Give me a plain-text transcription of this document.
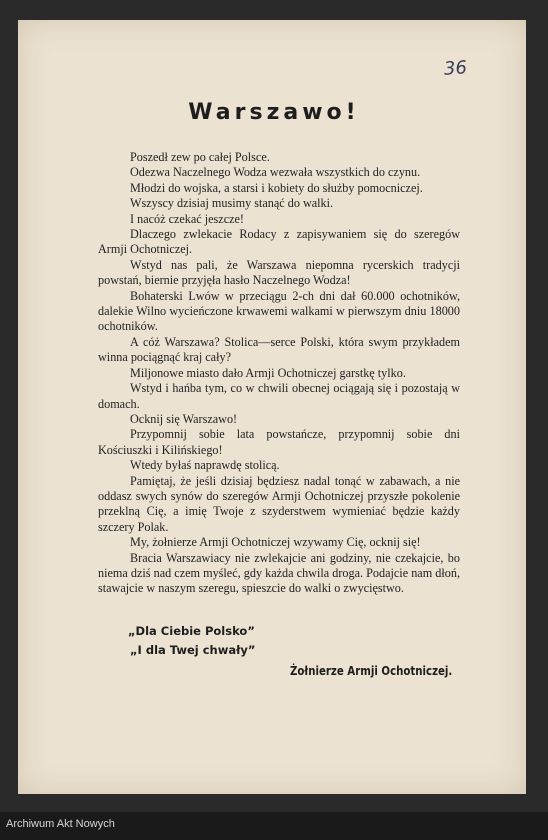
36
Warszawo!

Poszedł zew po całej Polsce.

Odezwa Naczelnego Wodza wezwała wszystkich do czynu.

Młodzi do wojska, a starsi i kobiety do służby pomocniczej.

Wszyscy dzisiaj musimy stanąć do walki.

I nacóż czekać jeszcze!

Dlaczego zwlekacie Rodacy z zapisywaniem się do szeregów Armji Ochotniczej.

Wstyd nas pali, że Warszawa niepomna rycerskich tradycji powstań, biernie przyjęła hasło Naczelnego Wodza!

Bohaterski Lwów w przeciągu 2-ch dni dał 60.000 ochotników, dalekie Wilno wycieńczone krwawemi walkami w pierwszym dniu 18000 ochotników.

A cóż Warszawa? Stolica—serce Polski, która swym przykładem winna pociągnąć kraj cały?

Miljonowe miasto dało Armji Ochotniczej garstkę tylko.

Wstyd i hańba tym, co w chwili obecnej ociągają się i pozostają w domach.

Ocknij się Warszawo!

Przypomnij sobie lata powstańcze, przypomnij sobie dni Kościuszki i Kilińskiego!

Wtedy byłaś naprawdę stolicą.

Pamiętaj, że jeśli dzisiaj będziesz nadal tonąć w zabawach, a nie oddasz swych synów do szeregów Armji Ochotniczej przyszłe pokolenie przeklną Cię, a imię Twoje z szyderstwem wymieniać będzie każdy szczery Polak.

My, żołnierze Armji Ochotniczej wzywamy Cię, ocknij się!

Bracia Warszawiacy nie zwlekajcie ani godziny, nie czekajcie, bo niema dziś nad czem myśleć, gdy każda chwila droga. Podajcie nam dłoń, stawajcie w naszym szeregu, spieszcie do walki o zwycięstwo.

„Dla Ciebie Polsko”
„I dla Twej chwały”
Żołnierze Armji Ochotniczej.
Archiwum Akt Nowych
